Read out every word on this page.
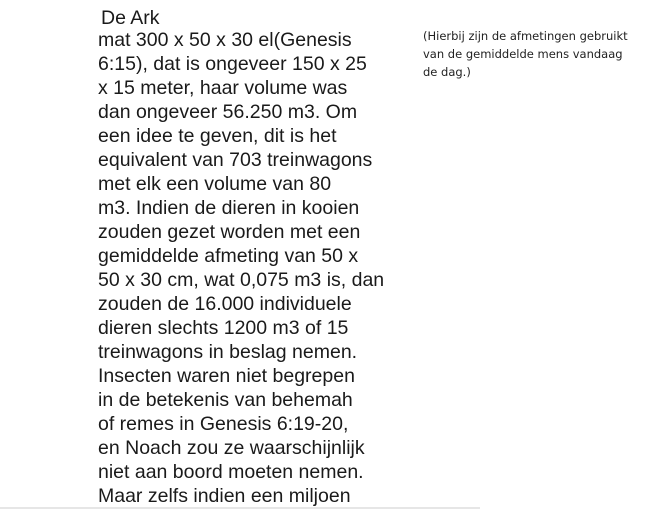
De Ark
mat 300 x 50 x 30 el(Genesis
6:15), dat is ongeveer 150 x 25
x 15 meter, haar volume was
dan ongeveer 56.250 m3. Om
een idee te geven, dit is het
equivalent van 703 treinwagons
met elk een volume van 80
m3. Indien de dieren in kooien
zouden gezet worden met een
gemiddelde afmeting van 50 x
50 x 30 cm, wat 0,075 m3 is, dan
zouden de 16.000 individuele
dieren slechts 1200 m3 of 15
treinwagons in beslag nemen.
Insecten waren niet begrepen
in de betekenis van behemah
of remes in Genesis 6:19-20,
en Noach zou ze waarschijnlijk
niet aan boord moeten nemen.
Maar zelfs indien een miljoen
(Hierbij zijn de afmetingen gebruikt
van de gemiddelde mens vandaag
de dag.)
